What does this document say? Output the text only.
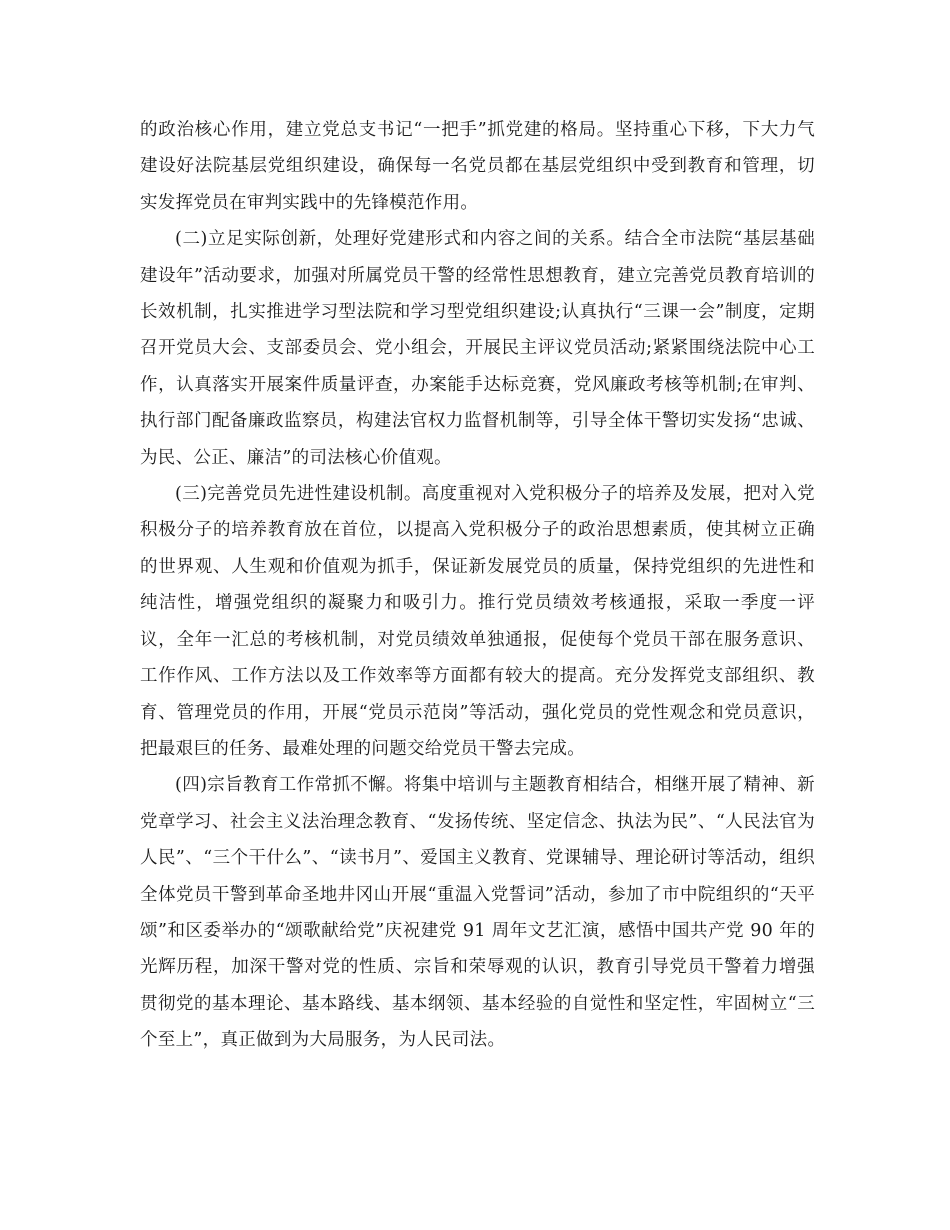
的政治核心作用，建立党总支书记“一把手”抓党建的格局。坚持重心下移，下大力气建设好法院基层党组织建设，确保每一名党员都在基层党组织中受到教育和管理，切实发挥党员在审判实践中的先锋模范作用。

(二)立足实际创新，处理好党建形式和内容之间的关系。结合全市法院“基层基础建设年”活动要求，加强对所属党员干警的经常性思想教育，建立完善党员教育培训的长效机制，扎实推进学习型法院和学习型党组织建设;认真执行“三课一会”制度，定期召开党员大会、支部委员会、党小组会，开展民主评议党员活动;紧紧围绕法院中心工作，认真落实开展案件质量评查，办案能手达标竞赛，党风廉政考核等机制;在审判、执行部门配备廉政监察员，构建法官权力监督机制等，引导全体干警切实发扬“忠诚、为民、公正、廉洁”的司法核心价值观。

(三)完善党员先进性建设机制。高度重视对入党积极分子的培养及发展，把对入党积极分子的培养教育放在首位，以提高入党积极分子的政治思想素质，使其树立正确的世界观、人生观和价值观为抓手，保证新发展党员的质量，保持党组织的先进性和纯洁性，增强党组织的凝聚力和吸引力。推行党员绩效考核通报，采取一季度一评议，全年一汇总的考核机制，对党员绩效单独通报，促使每个党员干部在服务意识、工作作风、工作方法以及工作效率等方面都有较大的提高。充分发挥党支部组织、教育、管理党员的作用，开展“党员示范岗”等活动，强化党员的党性观念和党员意识，把最艰巨的任务、最难处理的问题交给党员干警去完成。

(四)宗旨教育工作常抓不懈。将集中培训与主题教育相结合，相继开展了精神、新党章学习、社会主义法治理念教育、“发扬传统、坚定信念、执法为民”、“人民法官为人民”、“三个干什么”、“读书月”、爱国主义教育、党课辅导、理论研讨等活动，组织全体党员干警到革命圣地井冈山开展“重温入党誓词”活动，参加了市中院组织的“天平颂”和区委举办的“颂歌献给党”庆祝建党 91 周年文艺汇演，感悟中国共产党 90 年的光辉历程，加深干警对党的性质、宗旨和荣辱观的认识，教育引导党员干警着力增强贯彻党的基本理论、基本路线、基本纲领、基本经验的自觉性和坚定性，牢固树立“三个至上”，真正做到为大局服务，为人民司法。
